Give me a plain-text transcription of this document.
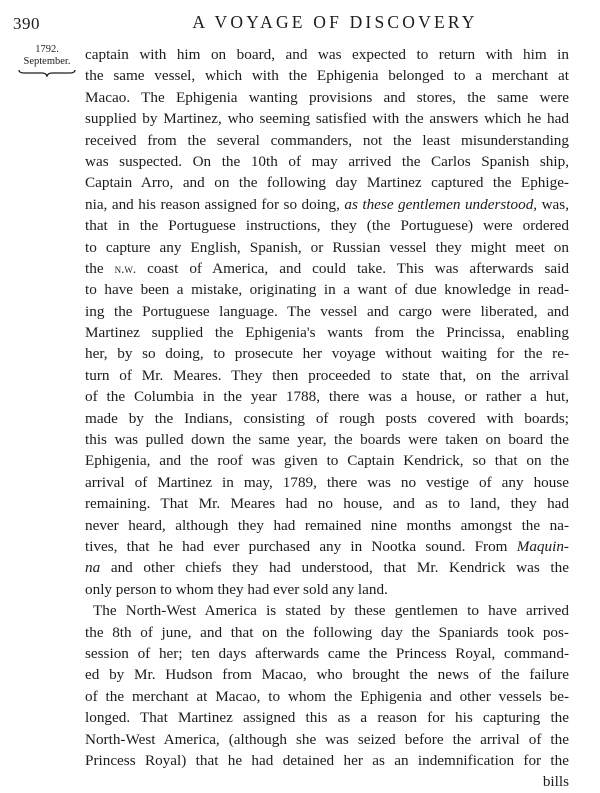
390	A VOYAGE OF DISCOVERY
1792.
September. captain with him on board, and was expected to return with him in
the same vessel, which with the Ephigenia belonged to a merchant at
Macao. The Ephigenia wanting provisions and stores, the same were
supplied by Martinez, who seeming satisfied with the answers which he had
received from the several commanders, not the least misunderstanding
was suspected. On the 10th of may arrived the Carlos Spanish ship,
Captain Arro, and on the following day Martinez captured the Ephige-
nia, and his reason assigned for so doing, as these gentlemen understood, was,
that in the Portuguese instructions, they (the Portuguese) were ordered
to capture any English, Spanish, or Russian vessel they might meet on
the n.w. coast of America, and could take. This was afterwards said
to have been a mistake, originating in a want of due knowledge in read-
ing the Portuguese language. The vessel and cargo were liberated, and
Martinez supplied the Ephigenia's wants from the Princissa, enabling
her, by so doing, to prosecute her voyage without waiting for the re-
turn of Mr. Meares. They then proceeded to state that, on the arrival
of the Columbia in the year 1788, there was a house, or rather a hut,
made by the Indians, consisting of rough posts covered with boards;
this was pulled down the same year, the boards were taken on board the
Ephigenia, and the roof was given to Captain Kendrick, so that on the
arrival of Martinez in may, 1789, there was no vestige of any house
remaining. That Mr. Meares had no house, and as to land, they had
never heard, although they had remained nine months amongst the na-
tives, that he had ever purchased any in Nootka sound. From Maquin-
na and other chiefs they had understood, that Mr. Kendrick was the
only person to whom they had ever sold any land.
The North-West America is stated by these gentlemen to have arrived
the 8th of june, and that on the following day the Spaniards took pos-
session of her; ten days afterwards came the Princess Royal, command-
ed by Mr. Hudson from Macao, who brought the news of the failure
of the merchant at Macao, to whom the Ephigenia and other vessels be-
longed. That Martinez assigned this as a reason for his capturing the
North-West America, (although she was seized before the arrival of the
Princess Royal) that he had detained her as an indemnification for the
bills
